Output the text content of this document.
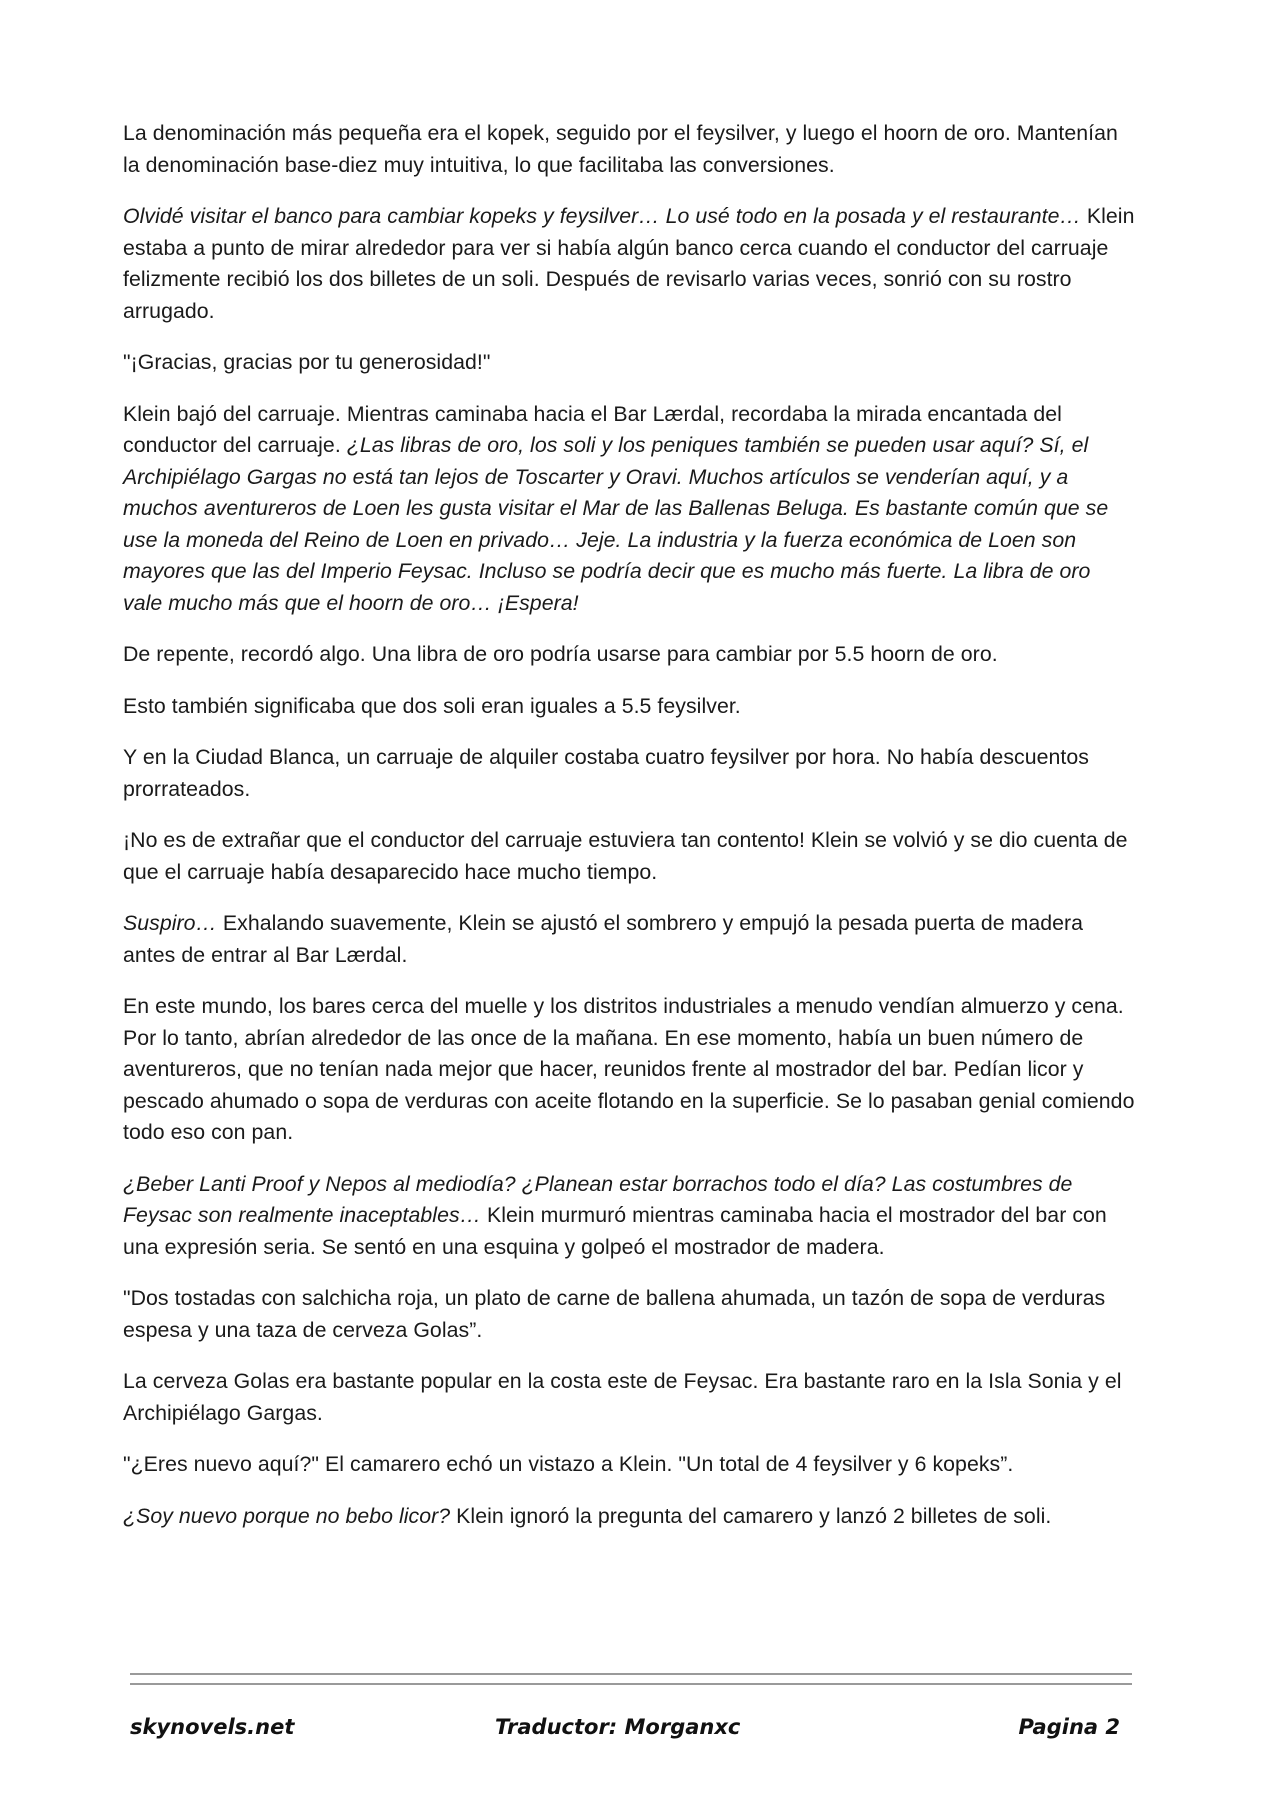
La denominación más pequeña era el kopek, seguido por el feysilver, y luego el hoorn de oro. Mantenían la denominación base-diez muy intuitiva, lo que facilitaba las conversiones.

Olvidé visitar el banco para cambiar kopeks y feysilver… Lo usé todo en la posada y el restaurante… Klein estaba a punto de mirar alrededor para ver si había algún banco cerca cuando el conductor del carruaje felizmente recibió los dos billetes de un soli. Después de revisarlo varias veces, sonrió con su rostro arrugado.

"¡Gracias, gracias por tu generosidad!"

Klein bajó del carruaje. Mientras caminaba hacia el Bar Lærdal, recordaba la mirada encantada del conductor del carruaje. ¿Las libras de oro, los soli y los peniques también se pueden usar aquí? Sí, el Archipiélago Gargas no está tan lejos de Toscarter y Oravi. Muchos artículos se venderían aquí, y a muchos aventureros de Loen les gusta visitar el Mar de las Ballenas Beluga. Es bastante común que se use la moneda del Reino de Loen en privado… Jeje. La industria y la fuerza económica de Loen son mayores que las del Imperio Feysac. Incluso se podría decir que es mucho más fuerte. La libra de oro vale mucho más que el hoorn de oro… ¡Espera!

De repente, recordó algo. Una libra de oro podría usarse para cambiar por 5.5 hoorn de oro.

Esto también significaba que dos soli eran iguales a 5.5 feysilver.

Y en la Ciudad Blanca, un carruaje de alquiler costaba cuatro feysilver por hora. No había descuentos prorrateados.

¡No es de extrañar que el conductor del carruaje estuviera tan contento! Klein se volvió y se dio cuenta de que el carruaje había desaparecido hace mucho tiempo.

Suspiro… Exhalando suavemente, Klein se ajustó el sombrero y empujó la pesada puerta de madera antes de entrar al Bar Lærdal.

En este mundo, los bares cerca del muelle y los distritos industriales a menudo vendían almuerzo y cena. Por lo tanto, abrían alrededor de las once de la mañana. En ese momento, había un buen número de aventureros, que no tenían nada mejor que hacer, reunidos frente al mostrador del bar. Pedían licor y pescado ahumado o sopa de verduras con aceite flotando en la superficie. Se lo pasaban genial comiendo todo eso con pan.

¿Beber Lanti Proof y Nepos al mediodía? ¿Planean estar borrachos todo el día? Las costumbres de Feysac son realmente inaceptables… Klein murmuró mientras caminaba hacia el mostrador del bar con una expresión seria. Se sentó en una esquina y golpeó el mostrador de madera.

"Dos tostadas con salchicha roja, un plato de carne de ballena ahumada, un tazón de sopa de verduras espesa y una taza de cerveza Golas”.

La cerveza Golas era bastante popular en la costa este de Feysac. Era bastante raro en la Isla Sonia y el Archipiélago Gargas.

"¿Eres nuevo aquí?" El camarero echó un vistazo a Klein. "Un total de 4 feysilver y 6 kopeks”.

¿Soy nuevo porque no bebo licor? Klein ignoró la pregunta del camarero y lanzó 2 billetes de soli.

skynovels.net	Traductor: Morganxc	Pagina 2
